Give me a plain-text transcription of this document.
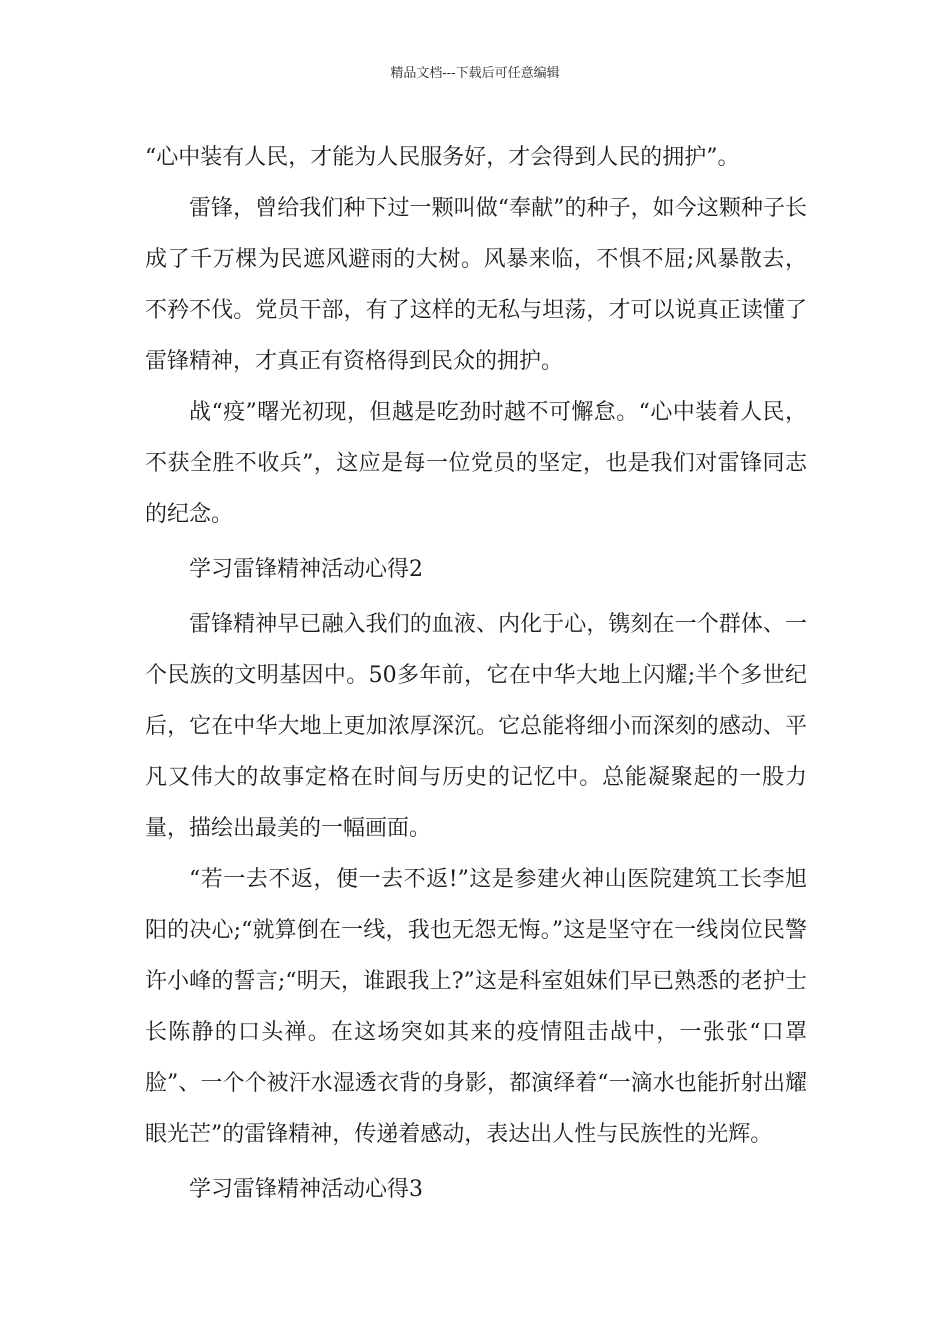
精品文档---下载后可任意编辑

“心中装有人民，才能为人民服务好，才会得到人民的拥护”。

雷锋，曾给我们种下过一颗叫做“奉献”的种子，如今这颗种子长成了千万棵为民遮风避雨的大树。风暴来临，不惧不屈;风暴散去，不矜不伐。党员干部，有了这样的无私与坦荡，才可以说真正读懂了雷锋精神，才真正有资格得到民众的拥护。

战“疫”曙光初现，但越是吃劲时越不可懈怠。“心中装着人民，不获全胜不收兵”，这应是每一位党员的坚定，也是我们对雷锋同志的纪念。

学习雷锋精神活动心得2

雷锋精神早已融入我们的血液、内化于心，镌刻在一个群体、一个民族的文明基因中。50多年前，它在中华大地上闪耀;半个多世纪后，它在中华大地上更加浓厚深沉。它总能将细小而深刻的感动、平凡又伟大的故事定格在时间与历史的记忆中。总能凝聚起的一股力量，描绘出最美的一幅画面。

“若一去不返，便一去不返!”这是参建火神山医院建筑工长李旭阳的决心;“就算倒在一线，我也无怨无悔。”这是坚守在一线岗位民警许小峰的誓言;“明天，谁跟我上?”这是科室姐妹们早已熟悉的老护士长陈静的口头禅。在这场突如其来的疫情阻击战中，一张张“口罩脸”、一个个被汗水湿透衣背的身影，都演绎着“一滴水也能折射出耀眼光芒”的雷锋精神，传递着感动，表达出人性与民族性的光辉。

学习雷锋精神活动心得3
